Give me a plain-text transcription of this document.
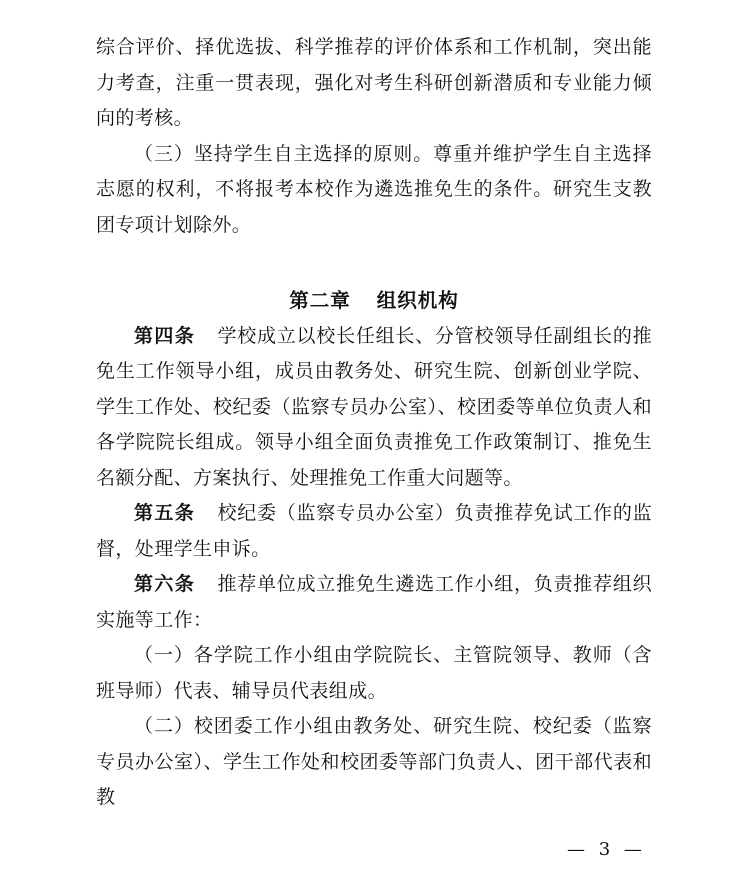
综合评价、择优选拔、科学推荐的评价体系和工作机制，突出能力考查，注重一贯表现，强化对考生科研创新潜质和专业能力倾向的考核。

（三）坚持学生自主选择的原则。尊重并维护学生自主选择志愿的权利，不将报考本校作为遴选推免生的条件。研究生支教团专项计划除外。

第二章 组织机构

第四条 学校成立以校长任组长、分管校领导任副组长的推免生工作领导小组，成员由教务处、研究生院、创新创业学院、学生工作处、校纪委（监察专员办公室）、校团委等单位负责人和各学院院长组成。领导小组全面负责推免工作政策制订、推免生名额分配、方案执行、处理推免工作重大问题等。

第五条 校纪委（监察专员办公室）负责推荐免试工作的监督，处理学生申诉。

第六条 推荐单位成立推免生遴选工作小组，负责推荐组织实施等工作：

（一）各学院工作小组由学院院长、主管院领导、教师（含班导师）代表、辅导员代表组成。

（二）校团委工作小组由教务处、研究生院、校纪委（监察专员办公室）、学生工作处和校团委等部门负责人、团干部代表和教

— 3 —
